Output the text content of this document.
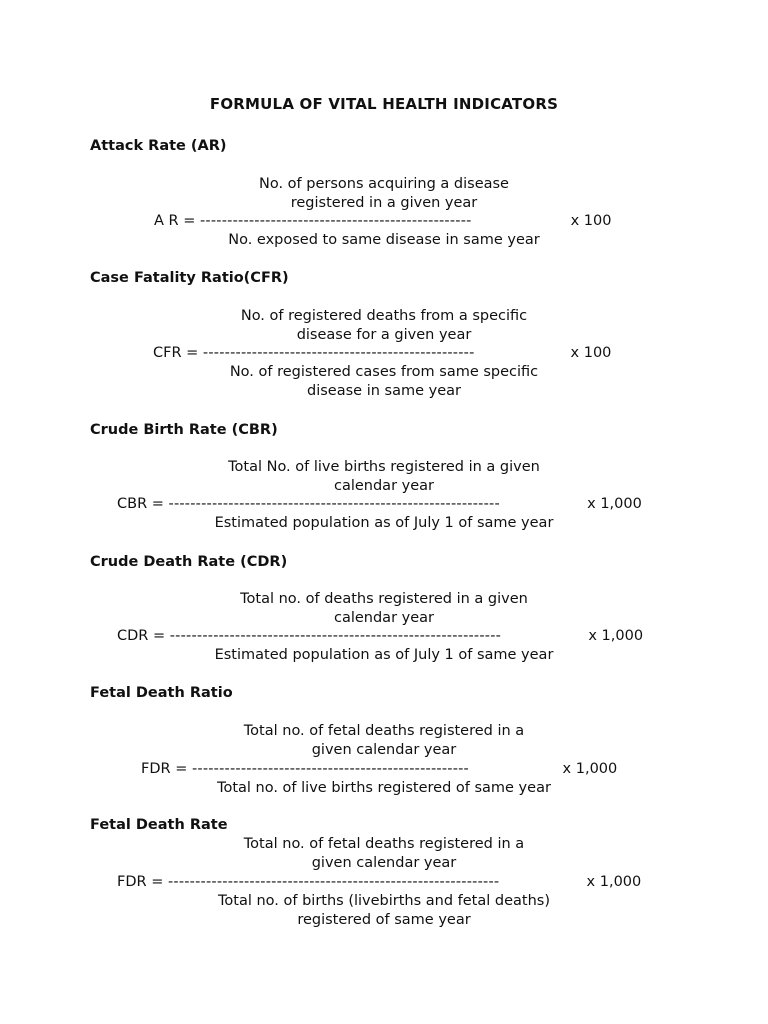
FORMULA OF VITAL HEALTH INDICATORS
Attack Rate (AR)
No. of persons acquiring a disease
registered in a given year
A R = --------------------------------------------------	x 100
No. exposed to same disease in same year
Case Fatality Ratio(CFR)
No. of registered deaths from a specific
disease for a given year
CFR = --------------------------------------------------	x 100
No. of registered cases from same specific
disease in same year
Crude Birth Rate (CBR)
Total No. of live births registered in a given
calendar year
CBR = -------------------------------------------------------------	x 1,000
Estimated population as of July 1 of same year
Crude Death Rate (CDR)
Total no. of deaths registered in a given
calendar year
CDR = -------------------------------------------------------------	x 1,000
Estimated population as of July 1 of same year
Fetal Death Ratio
Total no. of fetal deaths registered in a
given calendar year
FDR = ---------------------------------------------------	x 1,000
Total no. of live births registered of same year
Fetal Death Rate
Total no. of fetal deaths registered in a
given calendar year
FDR = -------------------------------------------------------------	x 1,000
Total no. of births (livebirths and fetal deaths)
registered of same year
